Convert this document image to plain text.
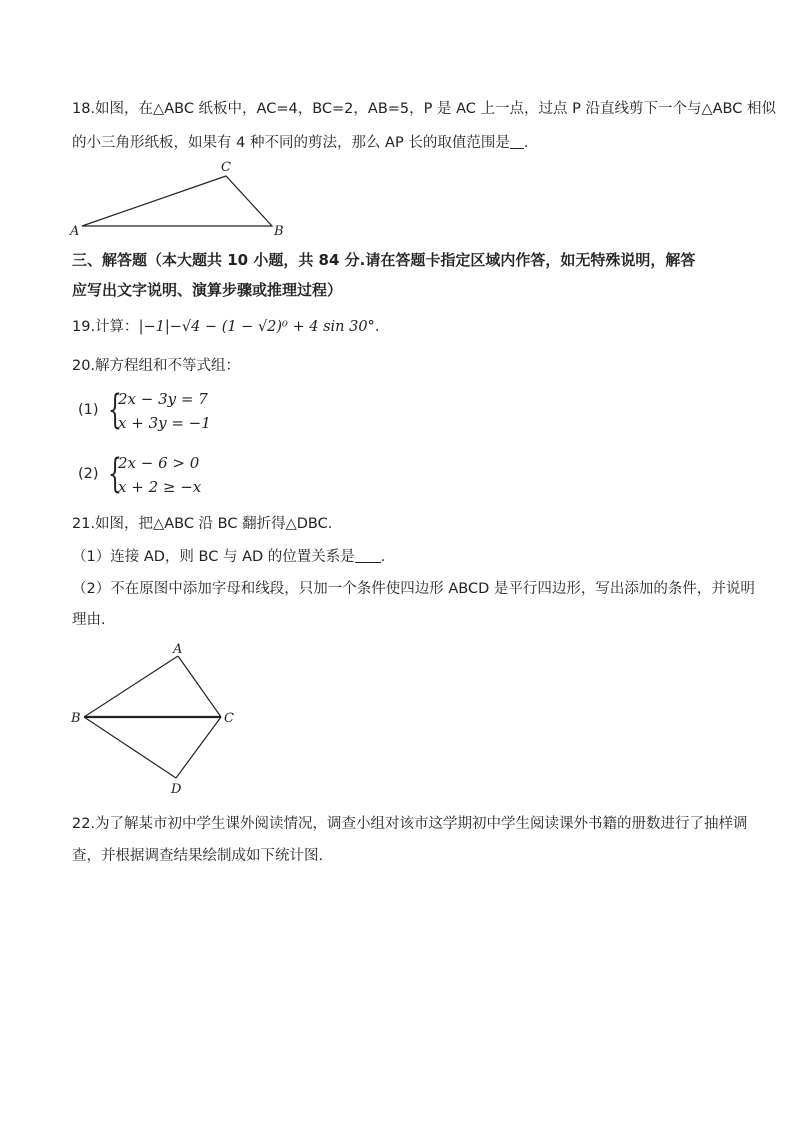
18.如图，在△ABC 纸板中，AC=4，BC=2，AB=5，P 是 AC 上一点，过点 P 沿直线剪下一个与△ABC 相似
的小三角形纸板，如果有 4 种不同的剪法，那么 AP 长的取值范围是 .
A
C
B
三、解答题（本大题共 10 小题，共 84 分.请在答题卡指定区域内作答，如无特殊说明，解答
应写出文字说明、演算步骤或推理过程）
19.计算：|−1|−√4 − (1 − √2)⁰ + 4 sin 30°.
20.解方程组和不等式组：
(1) {
2x − 3y = 7
x + 3y = −1
(2) {
2x − 6 > 0
x + 2 ≥ −x
21.如图，把△ABC 沿 BC 翻折得△DBC.
（1）连接 AD，则 BC 与 AD 的位置关系是 .
（2）不在原图中添加字母和线段，只加一个条件使四边形 ABCD 是平行四边形，写出添加的条件，并说明
理由.
A
B	C
D
22.为了解某市初中学生课外阅读情况，调查小组对该市这学期初中学生阅读课外书籍的册数进行了抽样调
查，并根据调查结果绘制成如下统计图.
